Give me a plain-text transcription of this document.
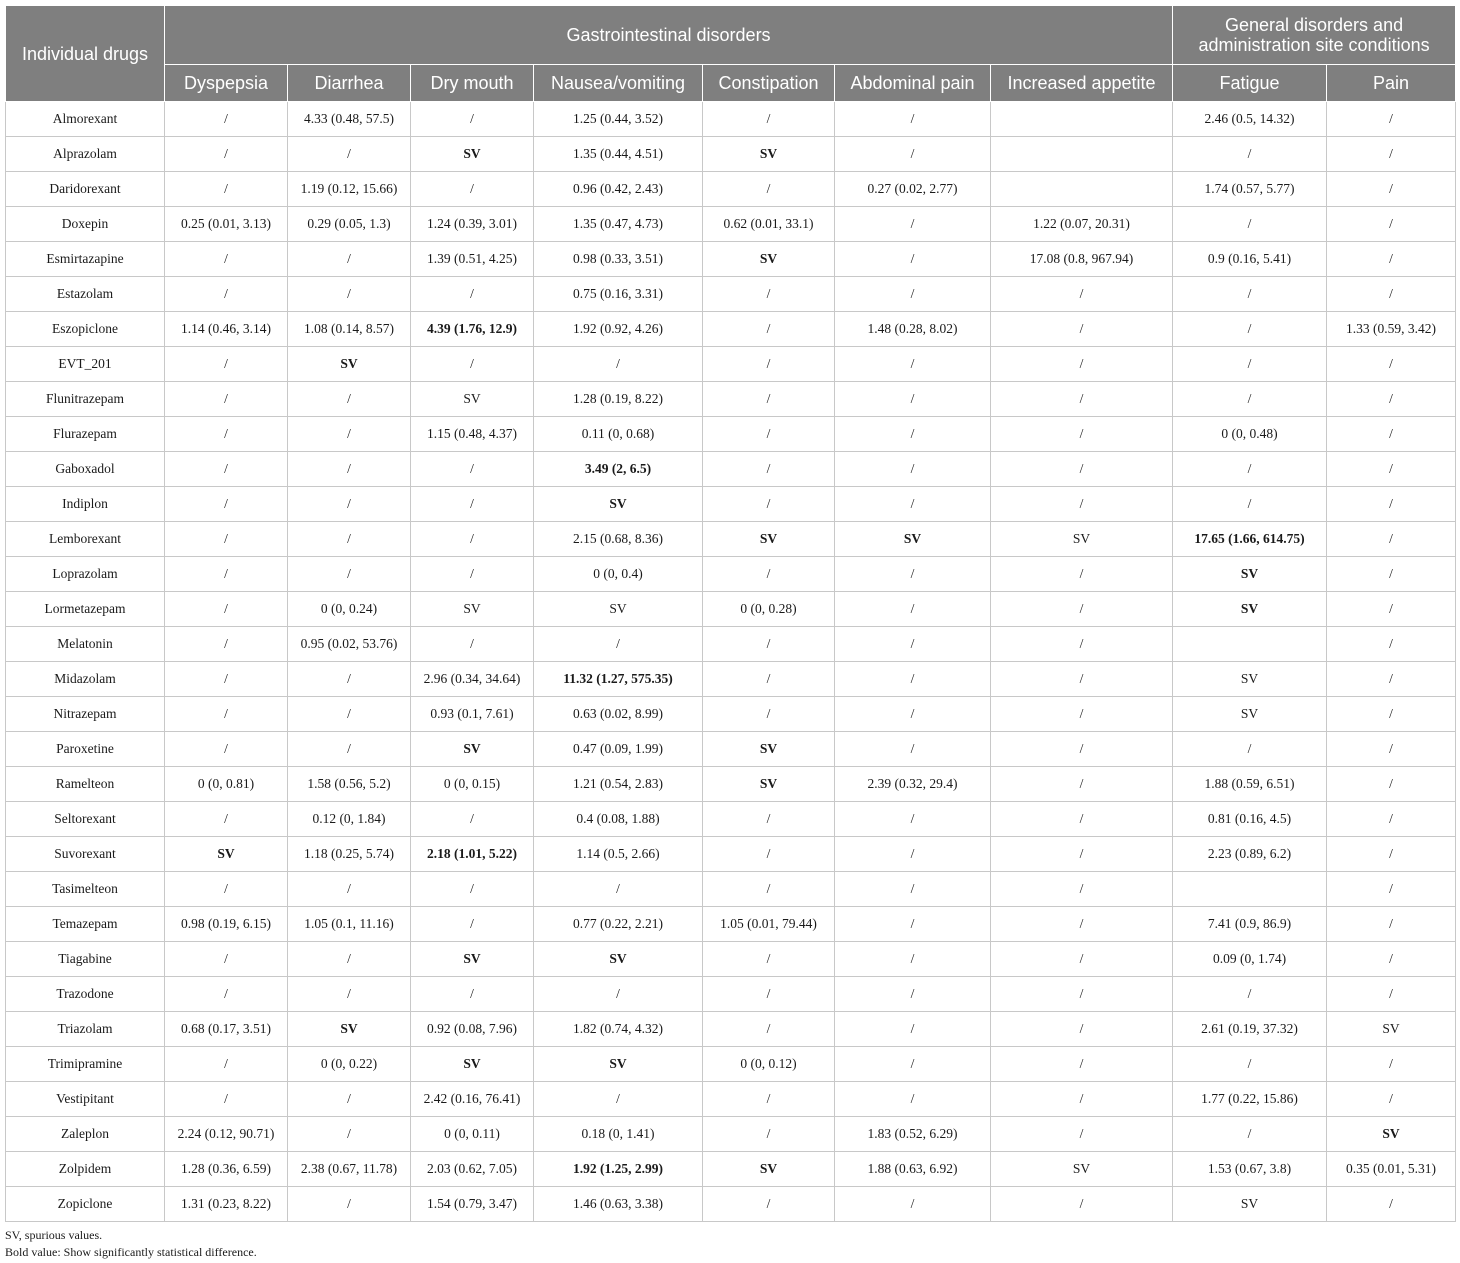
Individual drugs	Gastrointestinal disorders							General disorders and administration site conditions	
	Dyspepsia	Diarrhea	Dry mouth	Nausea/vomiting	Constipation	Abdominal pain	Increased appetite	Fatigue	Pain
Almorexant	/	4.33 (0.48, 57.5)	/	1.25 (0.44, 3.52)	/	/		2.46 (0.5, 14.32)	/
Alprazolam	/	/	SV	1.35 (0.44, 4.51)	SV	/		/	/
Daridorexant	/	1.19 (0.12, 15.66)	/	0.96 (0.42, 2.43)	/	0.27 (0.02, 2.77)		1.74 (0.57, 5.77)	/
Doxepin	0.25 (0.01, 3.13)	0.29 (0.05, 1.3)	1.24 (0.39, 3.01)	1.35 (0.47, 4.73)	0.62 (0.01, 33.1)	/	1.22 (0.07, 20.31)	/	/
Esmirtazapine	/	/	1.39 (0.51, 4.25)	0.98 (0.33, 3.51)	SV	/	17.08 (0.8, 967.94)	0.9 (0.16, 5.41)	/
Estazolam	/	/	/	0.75 (0.16, 3.31)	/	/	/	/	/
Eszopiclone	1.14 (0.46, 3.14)	1.08 (0.14, 8.57)	4.39 (1.76, 12.9)	1.92 (0.92, 4.26)	/	1.48 (0.28, 8.02)	/	/	1.33 (0.59, 3.42)
EVT_201	/	SV	/	/	/	/	/	/	/
Flunitrazepam	/	/	SV	1.28 (0.19, 8.22)	/	/	/	/	/
Flurazepam	/	/	1.15 (0.48, 4.37)	0.11 (0, 0.68)	/	/	/	0 (0, 0.48)	/
Gaboxadol	/	/	/	3.49 (2, 6.5)	/	/	/	/	/
Indiplon	/	/	/	SV	/	/	/	/	/
Lemborexant	/	/	/	2.15 (0.68, 8.36)	SV	SV	SV	17.65 (1.66, 614.75)	/
Loprazolam	/	/	/	0 (0, 0.4)	/	/	/	SV	/
Lormetazepam	/	0 (0, 0.24)	SV	SV	0 (0, 0.28)	/	/	SV	/
Melatonin	/	0.95 (0.02, 53.76)	/	/	/	/	/		/
Midazolam	/	/	2.96 (0.34, 34.64)	11.32 (1.27, 575.35)	/	/	/	SV	/
Nitrazepam	/	/	0.93 (0.1, 7.61)	0.63 (0.02, 8.99)	/	/	/	SV	/
Paroxetine	/	/	SV	0.47 (0.09, 1.99)	SV	/	/	/	/
Ramelteon	0 (0, 0.81)	1.58 (0.56, 5.2)	0 (0, 0.15)	1.21 (0.54, 2.83)	SV	2.39 (0.32, 29.4)	/	1.88 (0.59, 6.51)	/
Seltorexant	/	0.12 (0, 1.84)	/	0.4 (0.08, 1.88)	/	/	/	0.81 (0.16, 4.5)	/
Suvorexant	SV	1.18 (0.25, 5.74)	2.18 (1.01, 5.22)	1.14 (0.5, 2.66)	/	/	/	2.23 (0.89, 6.2)	/
Tasimelteon	/	/	/	/	/	/	/		/
Temazepam	0.98 (0.19, 6.15)	1.05 (0.1, 11.16)	/	0.77 (0.22, 2.21)	1.05 (0.01, 79.44)	/	/	7.41 (0.9, 86.9)	/
Tiagabine	/	/	SV	SV	/	/	/	0.09 (0, 1.74)	/
Trazodone	/	/	/	/	/	/	/	/	/
Triazolam	0.68 (0.17, 3.51)	SV	0.92 (0.08, 7.96)	1.82 (0.74, 4.32)	/	/	/	2.61 (0.19, 37.32)	SV
Trimipramine	/	0 (0, 0.22)	SV	SV	0 (0, 0.12)	/	/	/	/
Vestipitant	/	/	2.42 (0.16, 76.41)	/	/	/	/	1.77 (0.22, 15.86)	/
Zaleplon	2.24 (0.12, 90.71)	/	0 (0, 0.11)	0.18 (0, 1.41)	/	1.83 (0.52, 6.29)	/	/	SV
Zolpidem	1.28 (0.36, 6.59)	2.38 (0.67, 11.78)	2.03 (0.62, 7.05)	1.92 (1.25, 2.99)	SV	1.88 (0.63, 6.92)	SV	1.53 (0.67, 3.8)	0.35 (0.01, 5.31)
Zopiclone	1.31 (0.23, 8.22)	/	1.54 (0.79, 3.47)	1.46 (0.63, 3.38)	/	/	/	SV	/
SV, spurious values.
Bold value: Show significantly statistical difference.
